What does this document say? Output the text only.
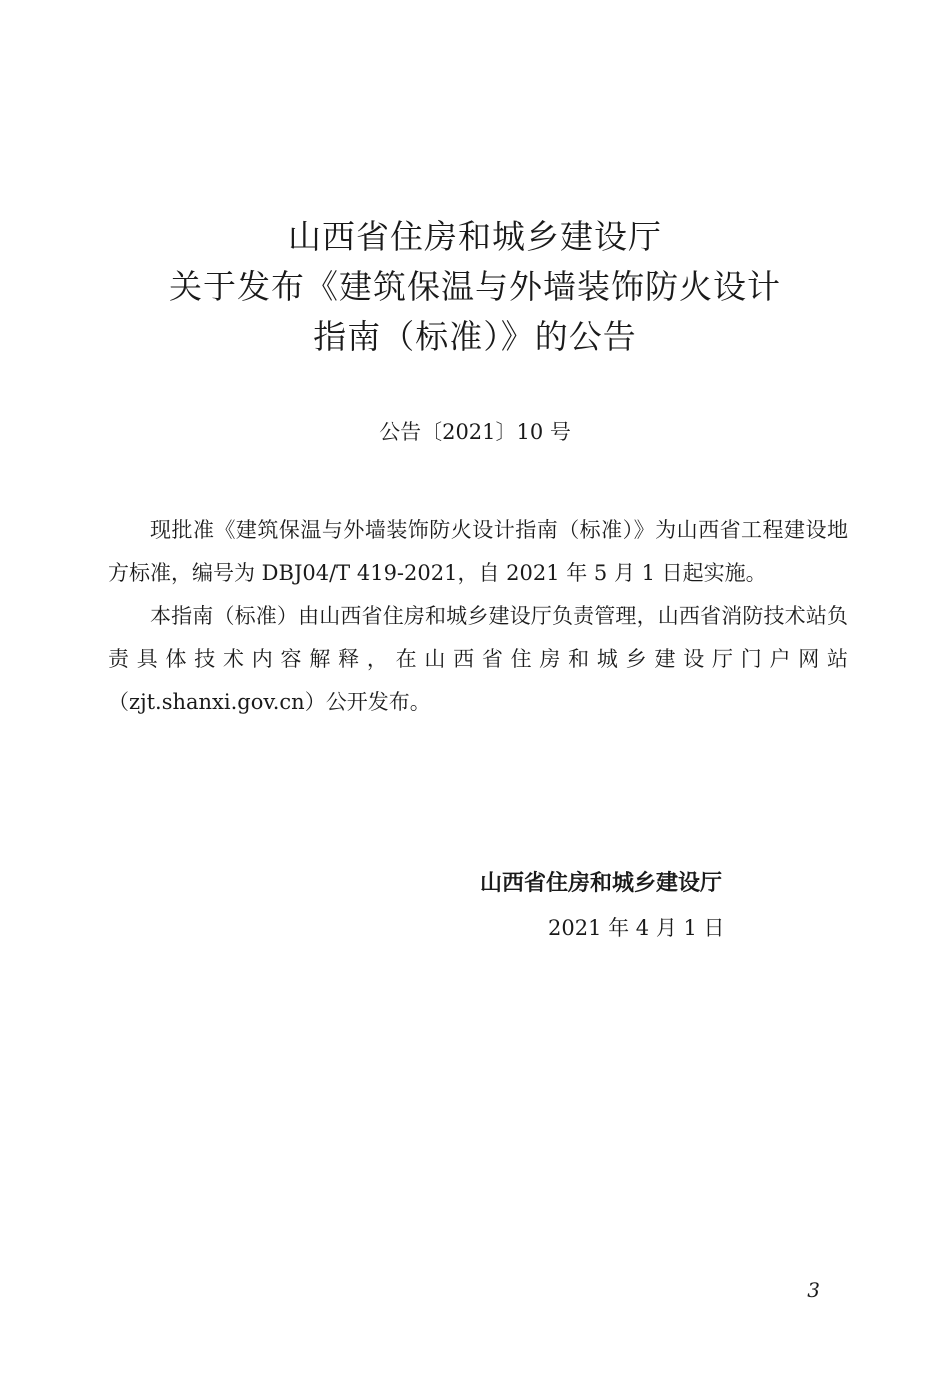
山西省住房和城乡建设厅
关于发布《建筑保温与外墙装饰防火设计
指南（标准）》的公告
公告〔2021〕10 号

现批准《建筑保温与外墙装饰防火设计指南（标准）》为山西省工程建设地方标准，编号为 DBJ04/T 419-2021，自 2021 年 5 月 1 日起实施。

本指南（标准）由山西省住房和城乡建设厅负责管理，山西省消防技术站负责具体技术内容解释，在山西省住房和城乡建设厅门户网站（zjt.shanxi.gov.cn）公开发布。

山西省住房和城乡建设厅
2021 年 4 月 1 日
3
